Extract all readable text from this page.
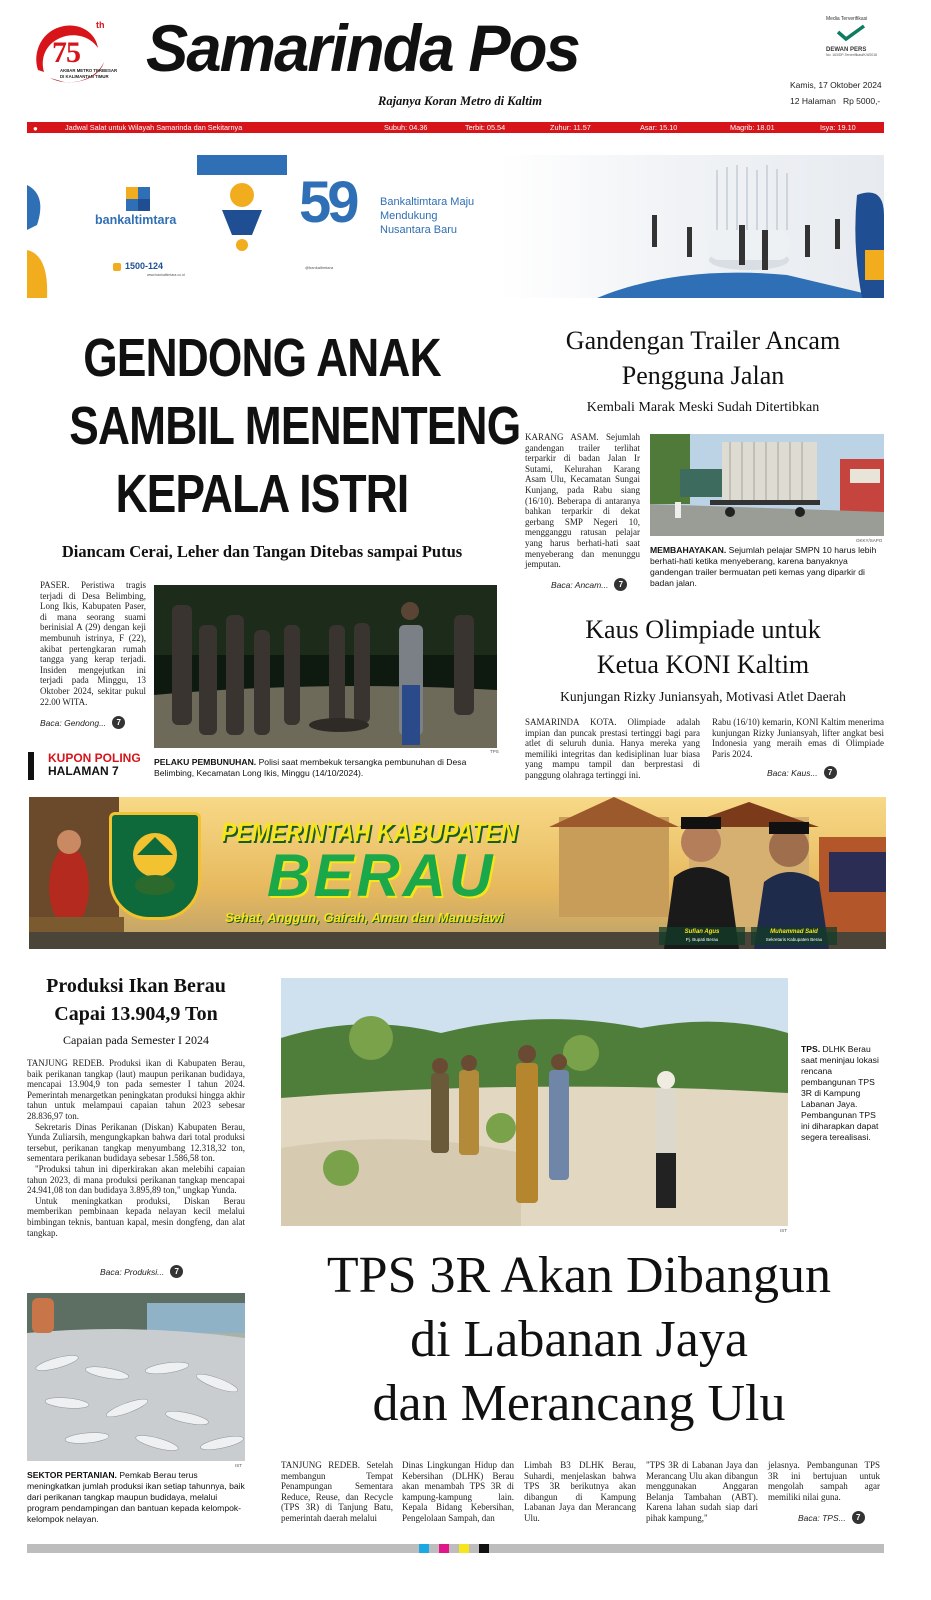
75
th
AKBAR METRO TERBESAR
DI KALIMANTAN TIMUR Samarinda Pos
Rajanya Koran Metro di Kaltim
Media Terverifikasi
DEWAN PERS
No: 163/DP-Terverifikasi/K/II/2018
Kamis, 17 Oktober 2024
12 Halaman Rp 5000,-
●	Jadwal Salat untuk Wilayah Samarinda dan Sekitarnya	Subuh: 04.36	Terbit: 05.54	Zuhur: 11.57	Asar: 15.10	Magrib: 18.01	Isya: 19.10
bankaltimtara
1500-124
www.bankaltimtara.co.id
@bankaltimtara
59 Bankaltimtara Maju
Mendukung
Nusantara Baru
GENDONG ANAK
SAMBIL MENENTENG
KEPALA ISTRI
Diancam Cerai, Leher dan Tangan Ditebas sampai Putus
PASER. Peristiwa tragis terjadi di Desa Belimbing, Long Ikis, Kabupaten Paser, di mana seorang suami berinisial A (29) dengan keji membunuh istrinya, F (22), akibat pertengkaran rumah tangga yang kerap terjadi. Insiden mengejutkan ini terjadi pada Minggu, 13 Oktober 2024, sekitar pukul 22.00 WITA.
Baca: Gendong...	7
TPS
PELAKU PEMBUNUHAN. Polisi saat membekuk tersangka pembunuhan di Desa Belimbing, Kecamatan Long Ikis, Minggu (14/10/2024).
KUPON POLING
HALAMAN 7
Gandengan Trailer Ancam
Pengguna Jalan
Kembali Marak Meski Sudah Ditertibkan
KARANG ASAM. Sejumlah gandengan trailer terlihat terparkir di badan Jalan Ir Sutami, Kelurahan Karang Asam Ulu, Kecamatan Sungai Kunjang, pada Rabu siang (16/10). Beberapa di antaranya bahkan terparkir di dekat gerbang SMP Negeri 10, mengganggu ratusan pelajar yang harus berhati-hati saat menyeberang dan menunggu jemputan.
Baca: Ancam...	7
OKKY/SAPO
MEMBAHAYAKAN. Sejumlah pelajar SMPN 10 harus lebih berhati-hati ketika menyeberang, karena banyaknya gandengan trailer bermuatan peti kemas yang diparkir di badan jalan.
Kaus Olimpiade untuk
Ketua KONI Kaltim
Kunjungan Rizky Juniansyah, Motivasi Atlet Daerah
SAMARINDA KOTA. Olimpiade adalah impian dan puncak prestasi tertinggi bagi para atlet di seluruh dunia. Hanya mereka yang memiliki integritas dan kedisiplinan luar biasa yang mampu tampil dan berprestasi di panggung olahraga tertinggi ini.
Rabu (16/10) kemarin, KONI Kaltim menerima kunjungan Rizky Juniansyah, lifter angkat besi Indonesia yang meraih emas di Olimpiade Paris 2024.
Baca: Kaus...	7
PEMERINTAH KABUPATEN
BERAU
Sehat, Anggun, Gairah, Aman dan Manusiawi
Sufian Agus
Pj. Bupati Berau
Muhammad Said
Sekretaris Kabupaten Berau
Produksi Ikan Berau
Capai 13.904,9 Ton
Capaian pada Semester I 2024

TANJUNG REDEB. Produksi ikan di Kabupaten Berau, baik perikanan tangkap (laut) maupun perikanan budidaya, mencapai 13.904,9 ton pada semester I tahun 2024. Pemerintah menargetkan peningkatan produksi hingga akhir tahun untuk melampaui capaian tahun 2023 sebesar 28.836,97 ton.

Sekretaris Dinas Perikanan (Diskan) Kabupaten Berau, Yunda Zuliarsih, mengungkapkan bahwa dari total produksi tersebut, perikanan tangkap menyumbang 12.318,32 ton, sementara perikanan budidaya sebesar 1.586,58 ton.

"Produksi tahun ini diperkirakan akan melebihi capaian tahun 2023, di mana produksi perikanan tangkap mencapai 24.941,08 ton dan budidaya 3.895,89 ton," ungkap Yunda.

Untuk meningkatkan produksi, Diskan Berau memberikan pembinaan kepada nelayan kecil melalui bimbingan teknis, bantuan kapal, mesin dongfeng, dan alat tangkap.

Baca: Produksi...	7
IST
SEKTOR PERTANIAN. Pemkab Berau terus meningkatkan jumlah produksi ikan setiap tahunnya, baik dari perikanan tangkap maupun budidaya, melalui program pendampingan dan bantuan kepada kelompok-kelompok nelayan.
IST
TPS. DLHK Berau saat meninjau lokasi rencana pembangunan TPS 3R di Kampung Labanan Jaya. Pembangunan TPS ini diharapkan dapat segera terealisasi.
TPS 3R Akan Dibangun
di Labanan Jaya
dan Merancang Ulu
TANJUNG REDEB. Setelah membangun Tempat Penampungan Sementara Reduce, Reuse, dan Recycle (TPS 3R) di Tanjung Batu, pemerintah daerah melalui
Dinas Lingkungan Hidup dan Kebersihan (DLHK) Berau akan menambah TPS 3R di kampung-kampung lain. Kepala Bidang Kebersihan, Pengelolaan Sampah, dan
Limbah B3 DLHK Berau, Suhardi, menjelaskan bahwa TPS 3R berikutnya akan dibangun di Kampung Labanan Jaya dan Merancang Ulu.
"TPS 3R di Labanan Jaya dan Merancang Ulu akan dibangun menggunakan Anggaran Belanja Tambahan (ABT). Karena lahan sudah siap dari pihak kampung,"
jelasnya. Pembangunan TPS 3R ini bertujuan untuk mengolah sampah agar memiliki nilai guna.
Baca: TPS...	7
